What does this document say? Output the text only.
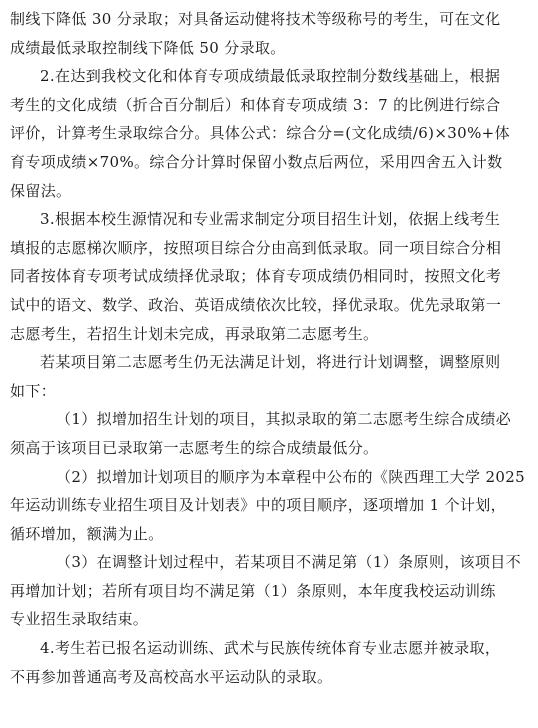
制线下降低 30 分录取；对具备运动健将技术等级称号的考生，可在文化
成绩最低录取控制线下降低 50 分录取。

2.在达到我校文化和体育专项成绩最低录取控制分数线基础上，根据
考生的文化成绩（折合百分制后）和体育专项成绩 3：7 的比例进行综合
评价，计算考生录取综合分。具体公式：综合分=(文化成绩/6)×30%+体
育专项成绩×70%。综合分计算时保留小数点后两位，采用四舍五入计数
保留法。

3.根据本校生源情况和专业需求制定分项目招生计划，依据上线考生
填报的志愿梯次顺序，按照项目综合分由高到低录取。同一项目综合分相
同者按体育专项考试成绩择优录取；体育专项成绩仍相同时，按照文化考
试中的语文、数学、政治、英语成绩依次比较，择优录取。优先录取第一
志愿考生，若招生计划未完成，再录取第二志愿考生。

若某项目第二志愿考生仍无法满足计划，将进行计划调整，调整原则
如下：

（1）拟增加招生计划的项目，其拟录取的第二志愿考生综合成绩必
须高于该项目已录取第一志愿考生的综合成绩最低分。

（2）拟增加计划项目的顺序为本章程中公布的《陕西理工大学 2025
年运动训练专业招生项目及计划表》中的项目顺序，逐项增加 1 个计划，
循环增加，额满为止。

（3）在调整计划过程中，若某项目不满足第（1）条原则，该项目不
再增加计划；若所有项目均不满足第（1）条原则，本年度我校运动训练
专业招生录取结束。

4.考生若已报名运动训练、武术与民族传统体育专业志愿并被录取，
不再参加普通高考及高校高水平运动队的录取。
